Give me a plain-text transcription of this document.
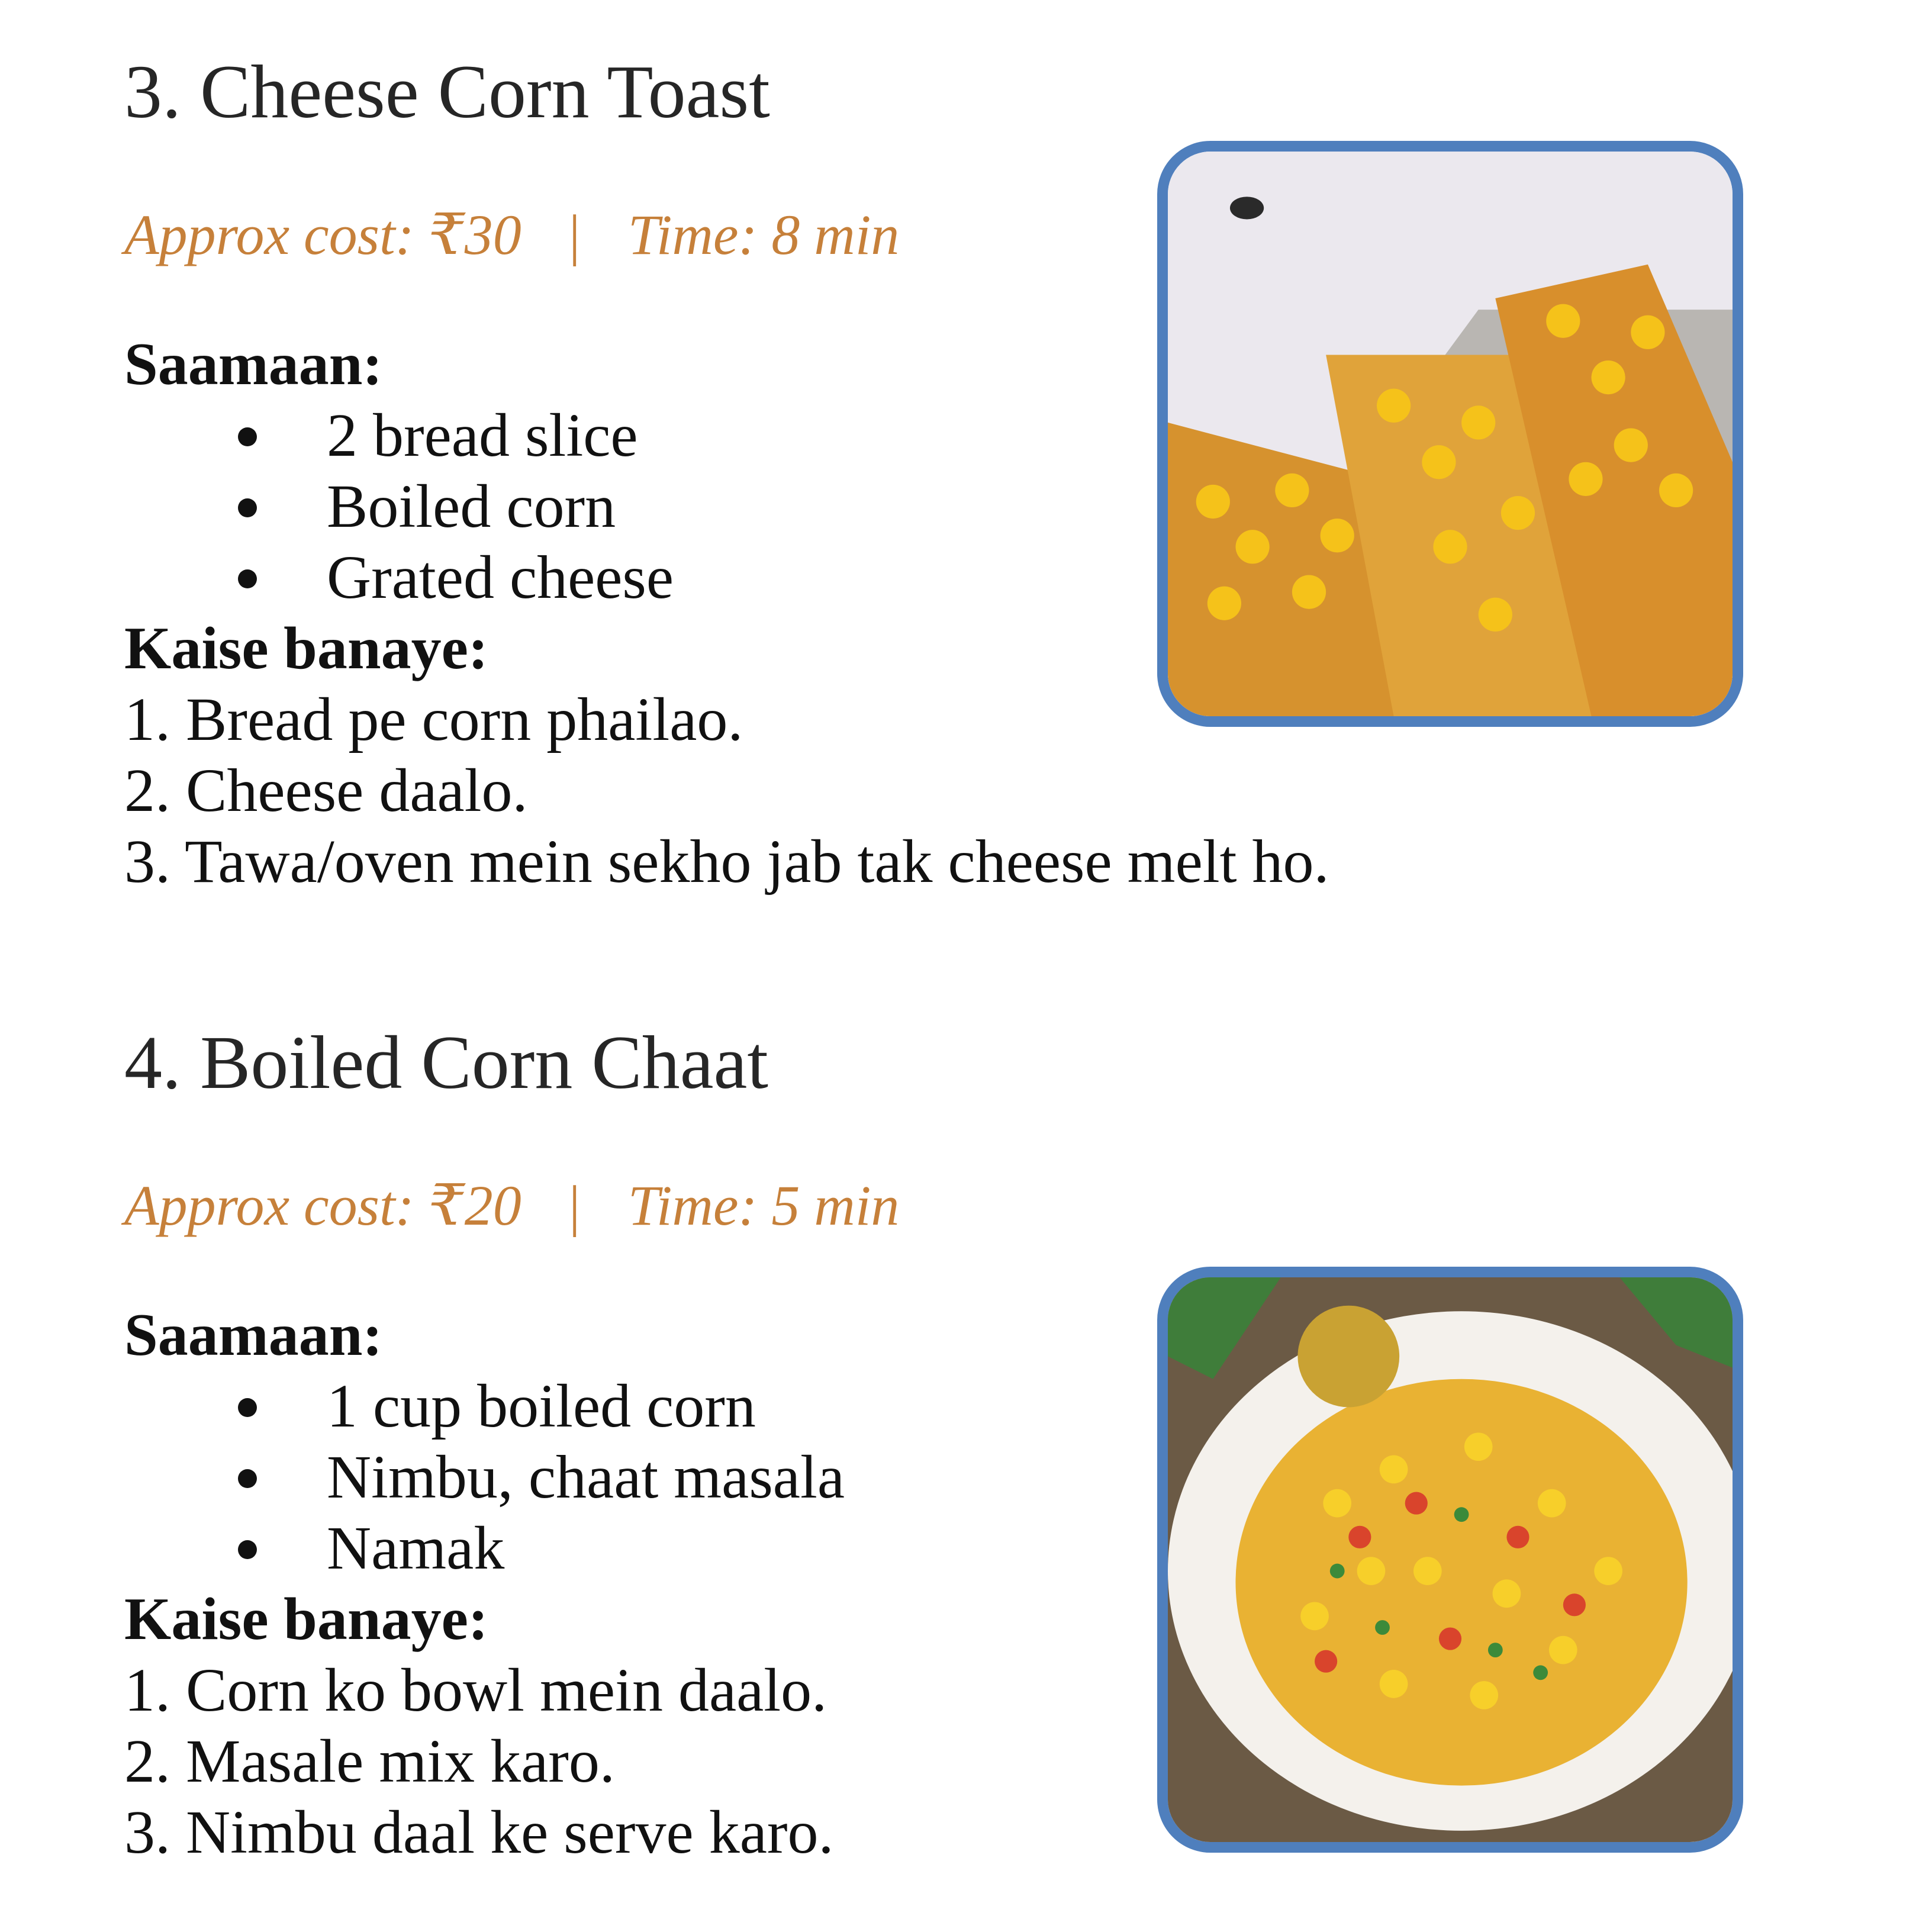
3. Cheese Corn Toast
Approx cost: ₹30 | Time: 8 min
Saamaan:
2 bread slice
Boiled corn
Grated cheese
Kaise banaye:
1. Bread pe corn phailao.
2. Cheese daalo.
3. Tawa/oven mein sekho jab tak cheese melt ho.
4. Boiled Corn Chaat
Approx cost: ₹20 | Time: 5 min
Saamaan:
1 cup boiled corn
Nimbu, chaat masala
Namak
Kaise banaye:
1. Corn ko bowl mein daalo.
2. Masale mix karo.
3. Nimbu daal ke serve karo.
